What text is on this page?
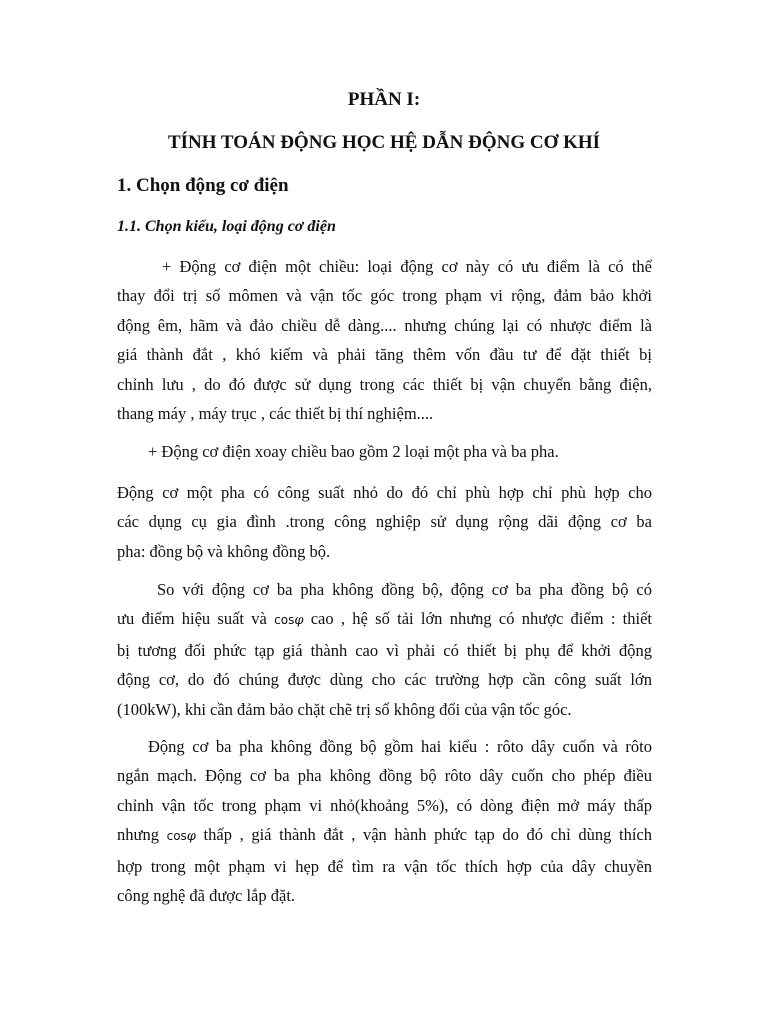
PHẦN I:
TÍNH TOÁN ĐỘNG HỌC HỆ DẪN ĐỘNG CƠ KHÍ
1. Chọn động cơ điện
1.1. Chọn kiểu, loại động cơ điện
+ Động cơ điện một chiều: loại động cơ này có ưu điểm là có thể
thay đổi trị số mômen và vận tốc góc trong phạm vi rộng, đảm bảo khởi
động êm, hãm và đảo chiều dễ dàng.... nhưng chúng lại có nhược điểm là
giá thành đắt , khó kiếm và phải tăng thêm vốn đầu tư để đặt thiết bị
chỉnh lưu , do đó được sử dụng trong các thiết bị vận chuyển bằng điện,
thang máy , máy trục , các thiết bị thí nghiệm....
+ Động cơ điện xoay chiều bao gồm 2 loại một pha và ba pha.
Động cơ một pha có công suất nhỏ do đó chỉ phù hợp chỉ phù hợp cho
các dụng cụ gia đình .trong công nghiệp sử dụng rộng dãi động cơ ba
pha: đồng bộ và không đồng bộ.
So với động cơ ba pha không đồng bộ, động cơ ba pha đồng bộ có
ưu điểm hiệu suất và cosφ cao , hệ số tải lớn nhưng có nhược điểm : thiết
bị tương đối phức tạp giá thành cao vì phải có thiết bị phụ để khởi động
động cơ, do đó chúng được dùng cho các trường hợp cần công suất lớn
(100kW), khi cần đảm bảo chặt chẽ trị số không đổi của vận tốc góc.
Động cơ ba pha không đồng bộ gồm hai kiểu : rôto dây cuốn và rôto
ngắn mạch. Động cơ ba pha không đồng bộ rôto dây cuốn cho phép điều
chỉnh vận tốc trong phạm vi nhỏ(khoảng 5%), có dòng điện mở máy thấp
nhưng cosφ thấp , giá thành đắt , vận hành phức tạp do đó chỉ dùng thích
hợp trong một phạm vi hẹp để tìm ra vận tốc thích hợp của dây chuyền
công nghệ đã được lắp đặt.
